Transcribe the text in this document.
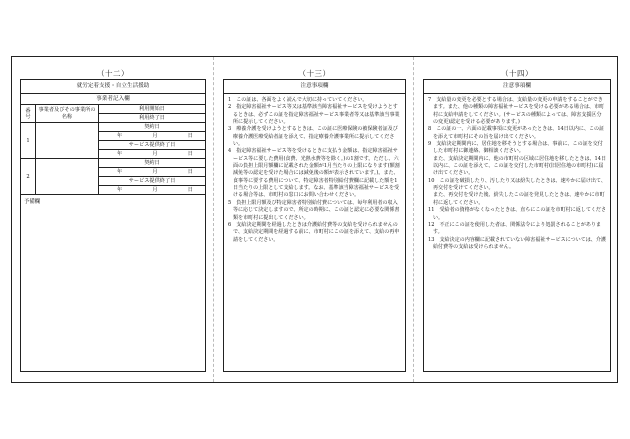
（十二）
就労定着支援・自立生活援助
事業者記入欄
番号	事業者及びその事業所の名称	利用開始日
		利用終了日
1		契約日

		年 月 日

		サービス提供終了日

		年 月 日

2		契約日

		年 月 日

		サービス提供終了日

		年 月 日
予備欄
（十三）
注意事項欄

1　この証は、各面をよく読んで大切に持っていてください。

2　指定障害福祉サービス等又は基準該当障害福祉サービスを受けようとするときは、必ずこの証を指定障害福祉サービス事業者等又は基準該当事業所に提示してください。

3　療養介護を受けようとするときは、この証に医療保険の被保険者証及び療養介護医療受給者証を添えて、指定療養介護事業所に提示してください。

4　指定障害福祉サービス等を受けるときに支払う金額は、指定障害福祉サービス等に要した費用(食費、光熱水費等を除く。)の1割です。ただし、六面の負担上限月額欄に記載された金額が1月当たりの上限になります(額割減免等の認定を受けた場合には減免後の額が表示されています。)。また、食事等に要する費用について、特定障害者特別給付費欄に記載した額を1日当たりの上限として支給します。なお、基準該当障害福祉サービスを受ける場合等は、市町村の窓口にお問い合わせください。

5　負担上限月額及び特定障害者特別給付費については、毎年利用者の収入等に応じて決定しますので、所定の時期に、この証と認定に必要な関係書類を市町村に提出してください。

6　支給決定期間を経過したときは介護給付費等の支給を受けられませんので、支給決定期間を経過する前に、市町村にこの証を添えて、支給の再申請をしてください。

（十四）
注意事項欄

7　支給量の変更を必要とする場合は、支給量の変更の申請をすることができます。また、他の種類の障害福祉サービスを受ける必要がある場合は、市町村に支給申請をしてください。(サービスの種類によっては、障害支援区分の変更)認定を受ける必要があります。)

8　この証の一、六面の記載事項に変更があったときは、14日以内に、この証を添えて市町村にその旨を届け出てください。

9　支給決定期間内に、居住地を移そうとする場合は、事前に、この証を交付した市町村に御連絡、御相談ください。

　また、支給決定期間内に、他の市町村の区域に居住地を移したときは、14日以内に、この証を添えて、この証を交付した市町村(旧居住地の市町村)に届け出てください。

10　この証を破損したり、汚したり又は紛失したときは、速やかに届け出て、再交付を受けてください。

　また、再交付を受けた後、紛失したこの証を発見したときは、速やかに市町村に返してください。

11　受給者の資格がなくなったときは、直ちにこの証を市町村に返してください。

12　不正にこの証を使用した者は、関係法令により処罰されることがあります。

13　支給決定の内容欄に記載されていない障害福祉サービスについては、介護給付費等の支給は受けられません。
